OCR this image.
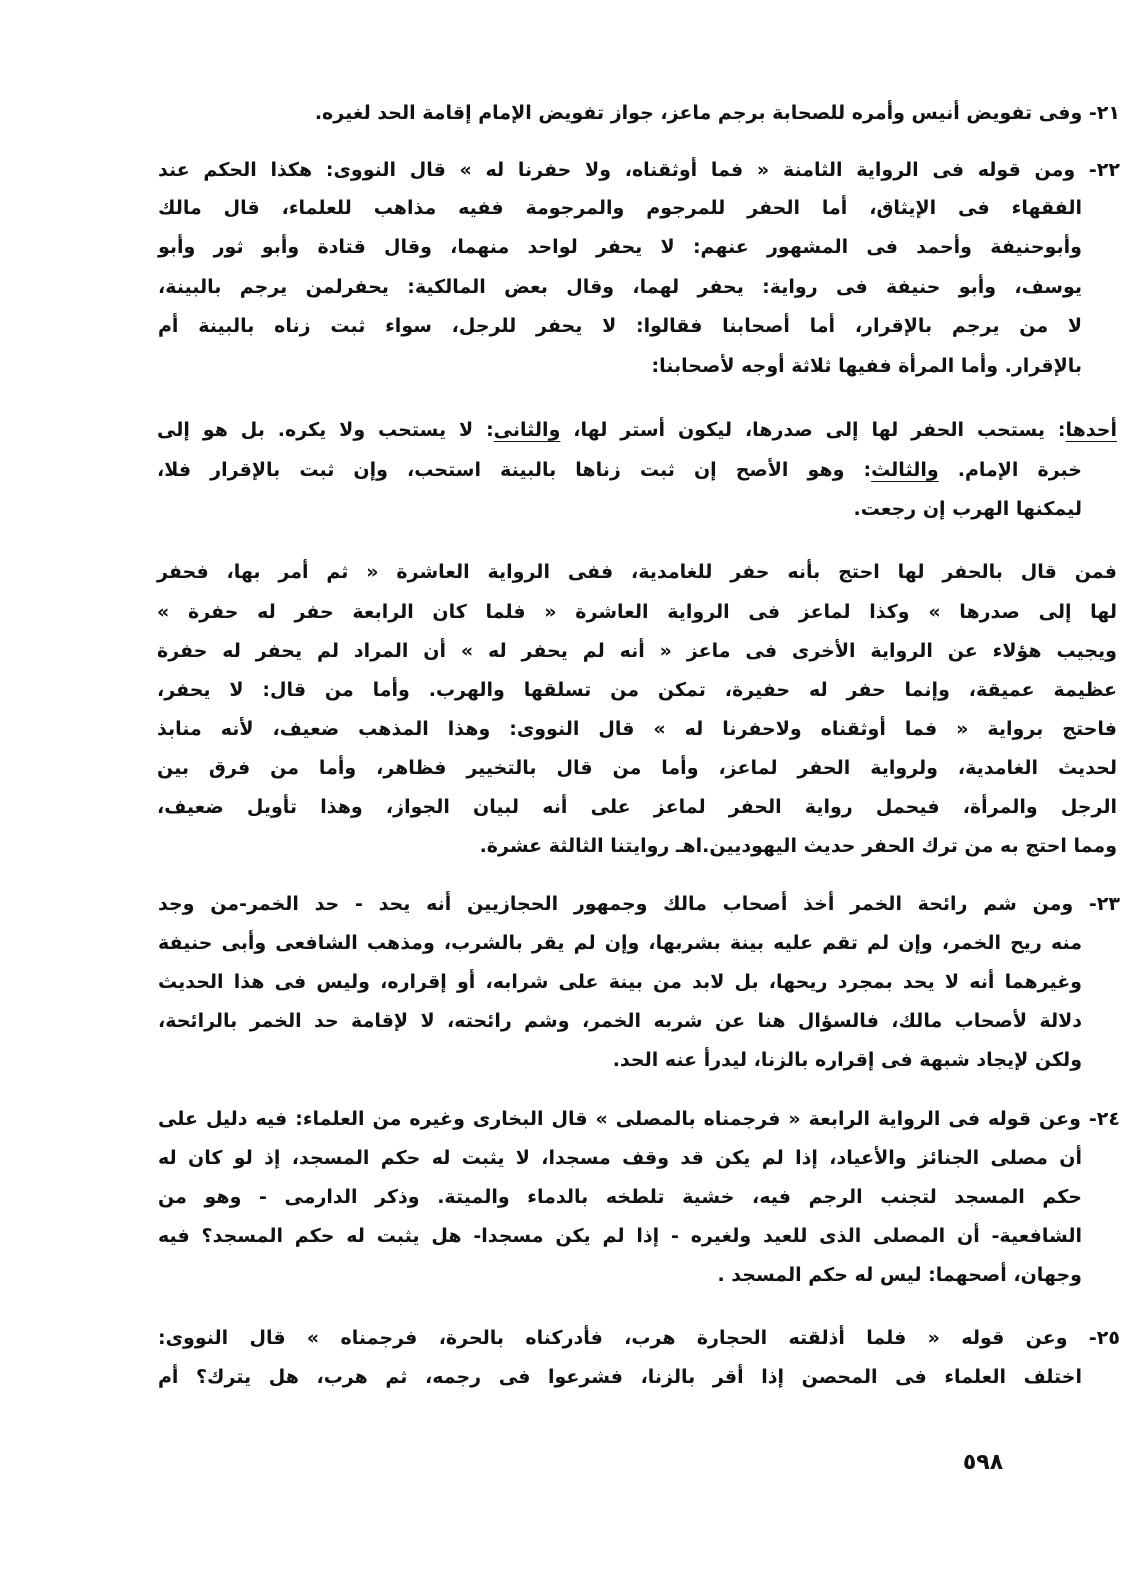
٢١- وفى تفويض أنيس وأمره للصحابة برجم ماعز، جواز تفويض الإمام إقامة الحد لغيره.
٢٢- ومن قوله فى الرواية الثامنة « فما أوثقناه، ولا حفرنا له » قال النووى: هكذا الحكم عند
الفقهاء فى الإيثاق، أما الحفر للمرجوم والمرجومة ففيه مذاهب للعلماء، قال مالك
وأبوحنيفة وأحمد فى المشهور عنهم: لا يحفر لواحد منهما، وقال قتادة وأبو ثور وأبو
يوسف، وأبو حنيفة فى رواية: يحفر لهما، وقال بعض المالكية: يحفرلمن يرجم بالبينة،
لا من يرجم بالإقرار، أما أصحابنا فقالوا: لا يحفر للرجل، سواء ثبت زناه بالبينة أم
بالإقرار. وأما المرأة ففيها ثلاثة أوجه لأصحابنا:
أحدها: يستحب الحفر لها إلى صدرها، ليكون أستر لها، والثانى: لا يستحب ولا يكره. بل هو إلى
خبرة الإمام. والثالث: وهو الأصح إن ثبت زناها بالبينة استحب، وإن ثبت بالإقرار فلا،
ليمكنها الهرب إن رجعت.
فمن قال بالحفر لها احتج بأنه حفر للغامدية، ففى الرواية العاشرة « ثم أمر بها، فحفر
لها إلى صدرها » وكذا لماعز فى الرواية العاشرة « فلما كان الرابعة حفر له حفرة »
ويجيب هؤلاء عن الرواية الأخرى فى ماعز « أنه لم يحفر له » أن المراد لم يحفر له حفرة
عظيمة عميقة، وإنما حفر له حفيرة، تمكن من تسلقها والهرب. وأما من قال: لا يحفر،
فاحتج برواية « فما أوثقناه ولاحفرنا له » قال النووى: وهذا المذهب ضعيف، لأنه منابذ
لحديث الغامدية، ولرواية الحفر لماعز، وأما من قال بالتخيير فظاهر، وأما من فرق بين
الرجل والمرأة، فيحمل رواية الحفر لماعز على أنه لبيان الجواز، وهذا تأويل ضعيف،
ومما احتج به من ترك الحفر حديث اليهوديين.اهـ روايتنا الثالثة عشرة.
٢٣- ومن شم رائحة الخمر أخذ أصحاب مالك وجمهور الحجازيين أنه يحد - حد الخمر-من وجد
منه ريح الخمر، وإن لم تقم عليه بينة بشربها، وإن لم يقر بالشرب، ومذهب الشافعى وأبى حنيفة
وغيرهما أنه لا يحد بمجرد ريحها، بل لابد من بينة على شرابه، أو إقراره، وليس فى هذا الحديث
دلالة لأصحاب مالك، فالسؤال هنا عن شربه الخمر، وشم رائحته، لا لإقامة حد الخمر بالرائحة،
ولكن لإيجاد شبهة فى إقراره بالزنا، ليدرأ عنه الحد.
٢٤- وعن قوله فى الرواية الرابعة « فرجمناه بالمصلى » قال البخارى وغيره من العلماء: فيه دليل على
أن مصلى الجنائز والأعياد، إذا لم يكن قد وقف مسجدا، لا يثبت له حكم المسجد، إذ لو كان له
حكم المسجد لتجنب الرجم فيه، خشية تلطخه بالدماء والميتة. وذكر الدارمى - وهو من
الشافعية- أن المصلى الذى للعيد ولغيره - إذا لم يكن مسجدا- هل يثبت له حكم المسجد؟ فيه
وجهان، أصحهما: ليس له حكم المسجد .
٢٥- وعن قوله « فلما أذلقته الحجارة هرب، فأدركناه بالحرة، فرجمناه » قال النووى:
اختلف العلماء فى المحصن إذا أقر بالزنا، فشرعوا فى رجمه، ثم هرب، هل يترك؟ أم
٥٩٨
